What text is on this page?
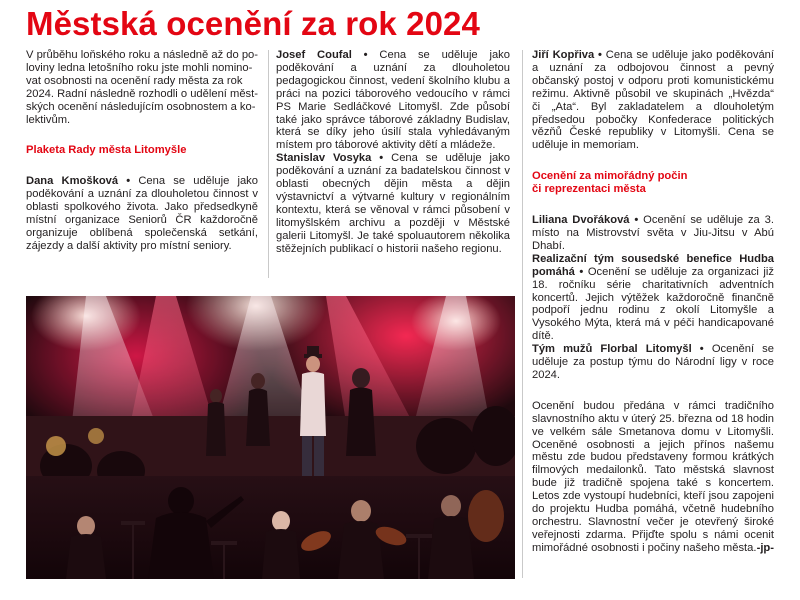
Městská ocenění za rok 2024

V průběhu loňského roku a následně až do po-
loviny ledna letošního roku jste mohli nomino-
vat osobnosti na ocenění rady města za rok
2024. Radní následně rozhodli o udělení měst-
ských ocenění následujícím osobnostem a ko-
lektivům.

Plaketa Rady města Litomyšle

Dana Kmošková • Cena se uděluje jako poděkování a uznání za dlouholetou činnost v oblasti spolkového života. Jako předsedkyně místní organizace Seniorů ČR každoročně organizuje oblíbená společenská setkání, zájezdy a další aktivity pro místní seniory.

Josef Coufal • Cena se uděluje jako poděkování a uznání za dlouholetou pedagogickou činnost, vedení školního klubu a práci na pozici táborového vedoucího v rámci PS Marie Sedláčkové Litomyšl. Zde působí také jako správce táborové základny Budislav, která se díky jeho úsilí stala vyhledávaným místem pro táborové aktivity dětí a mládeže.

Stanislav Vosyka • Cena se uděluje jako poděkování a uznání za badatelskou činnost v oblasti obecných dějin města a dějin výstavnictví a výtvarné kultury v regionálním kontextu, která se věnoval v rámci působení v litomyšlském archivu a později v Městské galerii Litomyšl. Je také spoluautorem několika stěžejních publikací o historii našeho regionu.

Jiří Kopřiva • Cena se uděluje jako poděkování a uznání za odbojovou činnost a pevný občanský postoj v odporu proti komunistickému režimu. Aktivně působil ve skupinách „Hvězda“ či „Ata“. Byl zakladatelem a dlouholetým předsedou pobočky Konfederace politických vězňů České republiky v Litomyšli. Cena se uděluje in memoriam.

Ocenění za mimořádný počin
či reprezentaci města

Liliana Dvořáková • Ocenění se uděluje za 3. místo na Mistrovství světa v Jiu-Jitsu v Abú Dhabí.

Realizační tým sousedské benefice Hudba pomáhá • Ocenění se uděluje za organizaci již 18. ročníku série charitativních adventních koncertů. Jejich výtěžek každoročně finančně podpoří jednu rodinu z okolí Litomyšle a Vysokého Mýta, která má v péči handicapované dítě.

Tým mužů Florbal Litomyšl • Ocenění se uděluje za postup týmu do Národní ligy v roce 2024.

Ocenění budou předána v rámci tradičního slavnostního aktu v úterý 25. března od 18 hodin ve velkém sále Smetanova domu v Litomyšli. Oceněné osobnosti a jejich přínos našemu městu zde budou představeny formou krátkých filmových medailonků. Tato městská slavnost bude již tradičně spojena také s koncertem. Letos zde vystoupí hudebníci, kteří jsou zapojeni do projektu Hudba pomáhá, včetně hudebního orchestru. Slavnostní večer je otevřený široké veřejnosti zdarma. Přijďte spolu s námi ocenit mimořádné osobnosti i počiny našeho města. -jp-
